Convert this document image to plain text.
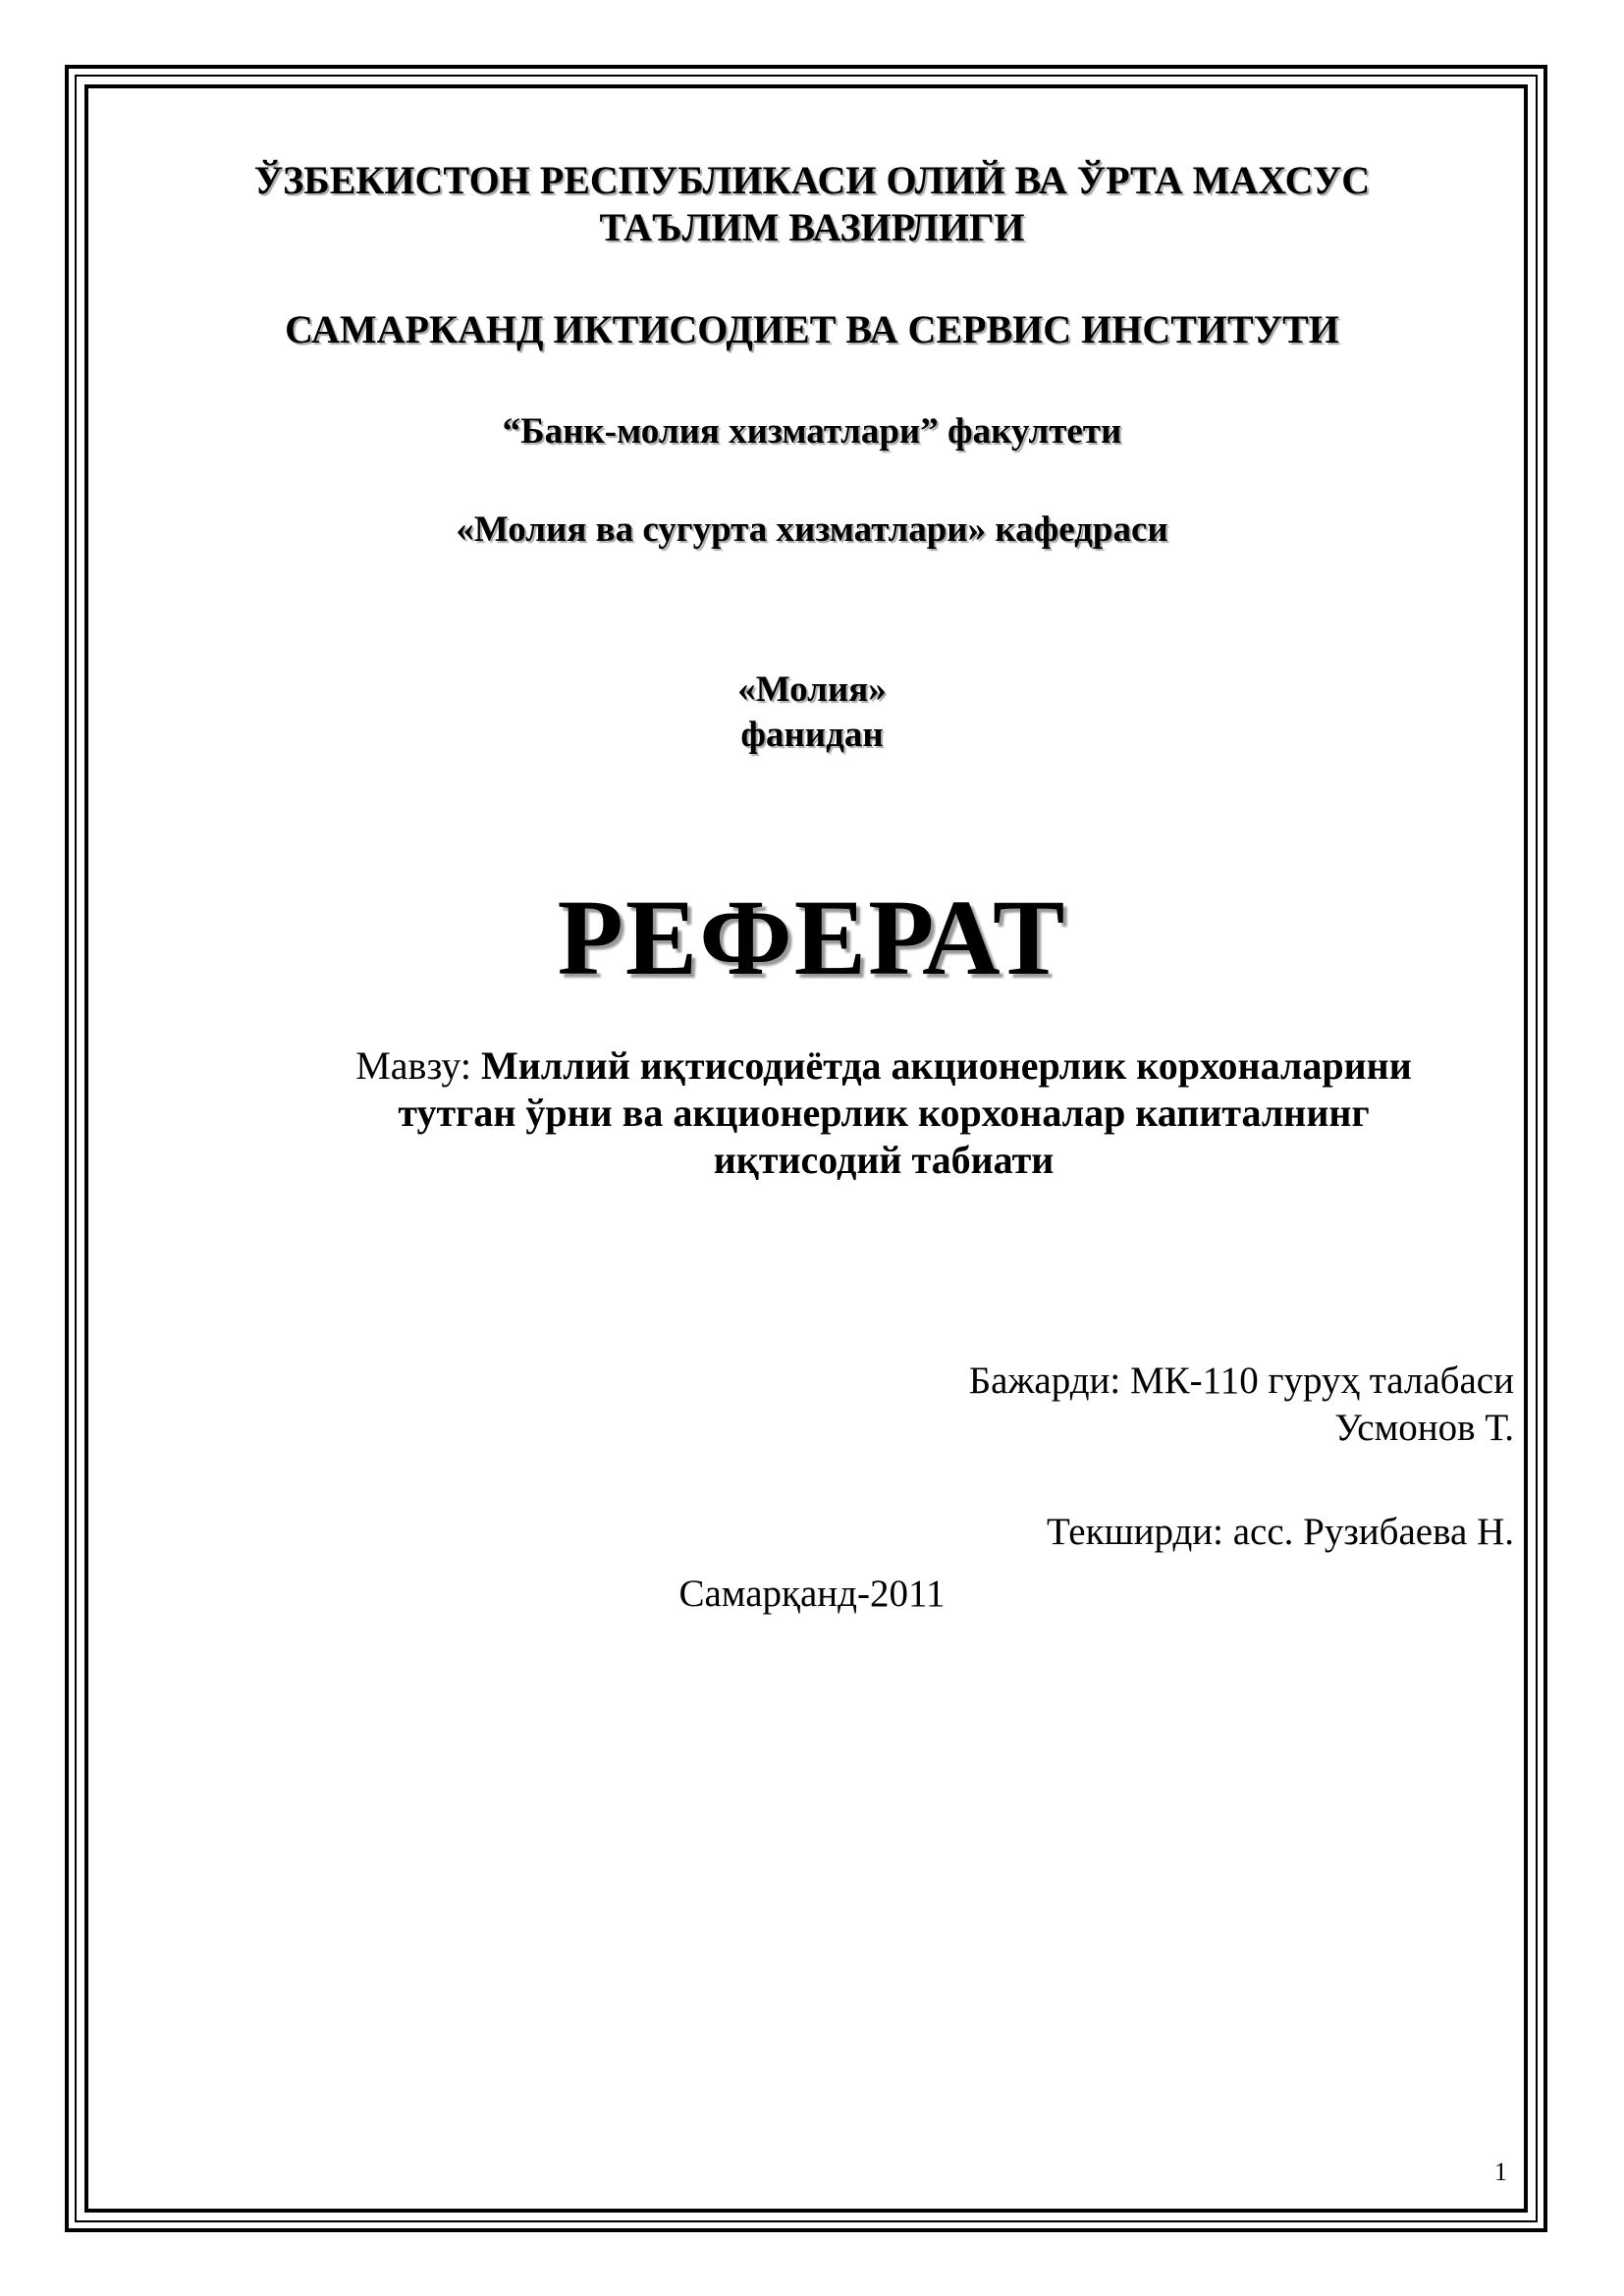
ЎЗБЕКИСТОН РЕСПУБЛИКАСИ ОЛИЙ ВА ЎРТА МАХСУС
ТАЪЛИМ ВАЗИРЛИГИ
САМАРКАНД ИКТИСОДИЕТ ВА СЕРВИС ИНСТИТУТИ
“Банк-молия хизматлари” факултети
«Молия ва сугурта хизматлари» кафедраси
«Молия»
фанидан
РЕФЕРАТ
Мавзу: Миллий иқтисодиётда акционерлик корхоналарини
тутган ўрни ва акционерлик корхоналар капиталнинг
иқтисодий табиати
Бажарди: МК-110 гуруҳ талабаси
Усмонов Т.
Текширди: асс. Рузибаева Н.
Самарқанд-2011
1
